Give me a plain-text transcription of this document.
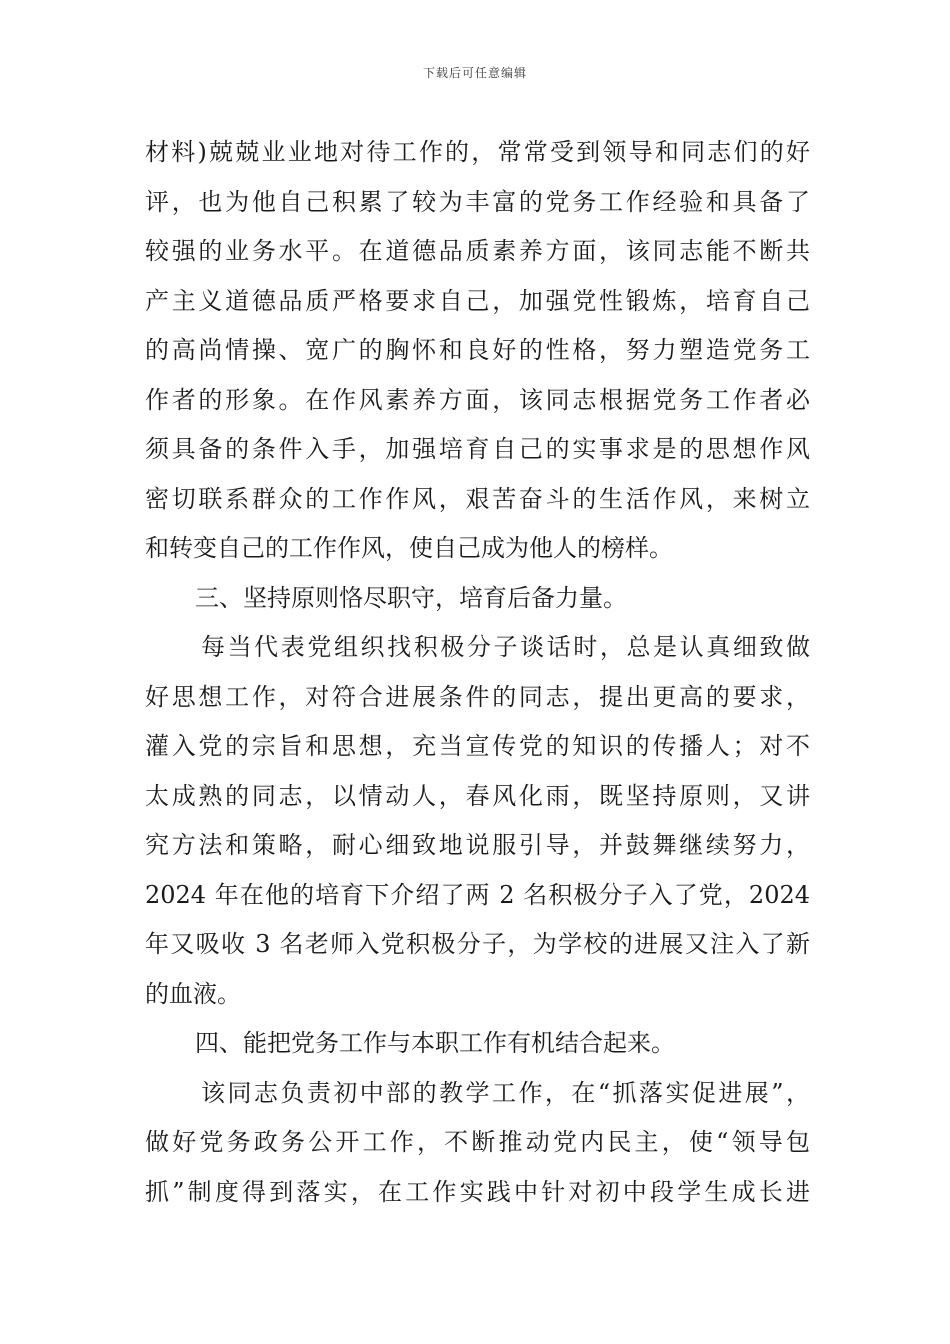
下载后可任意编辑
材料)兢兢业业地对待工作的，常常受到领导和同志们的好
评，也为他自己积累了较为丰富的党务工作经验和具备了
较强的业务水平。在道德品质素养方面，该同志能不断共
产主义道德品质严格要求自己，加强党性锻炼，培育自己
的高尚情操、宽广的胸怀和良好的性格，努力塑造党务工
作者的形象。在作风素养方面，该同志根据党务工作者必
须具备的条件入手，加强培育自己的实事求是的思想作风
密切联系群众的工作作风，艰苦奋斗的生活作风，来树立
和转变自己的工作作风，使自己成为他人的榜样。
三、坚持原则恪尽职守，培育后备力量。
每当代表党组织找积极分子谈话时，总是认真细致做
好思想工作，对符合进展条件的同志，提出更高的要求，
灌入党的宗旨和思想，充当宣传党的知识的传播人；对不
太成熟的同志，以情动人，春风化雨，既坚持原则，又讲
究方法和策略，耐心细致地说服引导，并鼓舞继续努力，
2024 年在他的培育下介绍了两 2 名积极分子入了党，2024
年又吸收 3 名老师入党积极分子，为学校的进展又注入了新
的血液。
四、能把党务工作与本职工作有机结合起来。
该同志负责初中部的教学工作，在“抓落实促进展”，
做好党务政务公开工作，不断推动党内民主，使“领导包
抓”制度得到落实，在工作实践中针对初中段学生成长进
